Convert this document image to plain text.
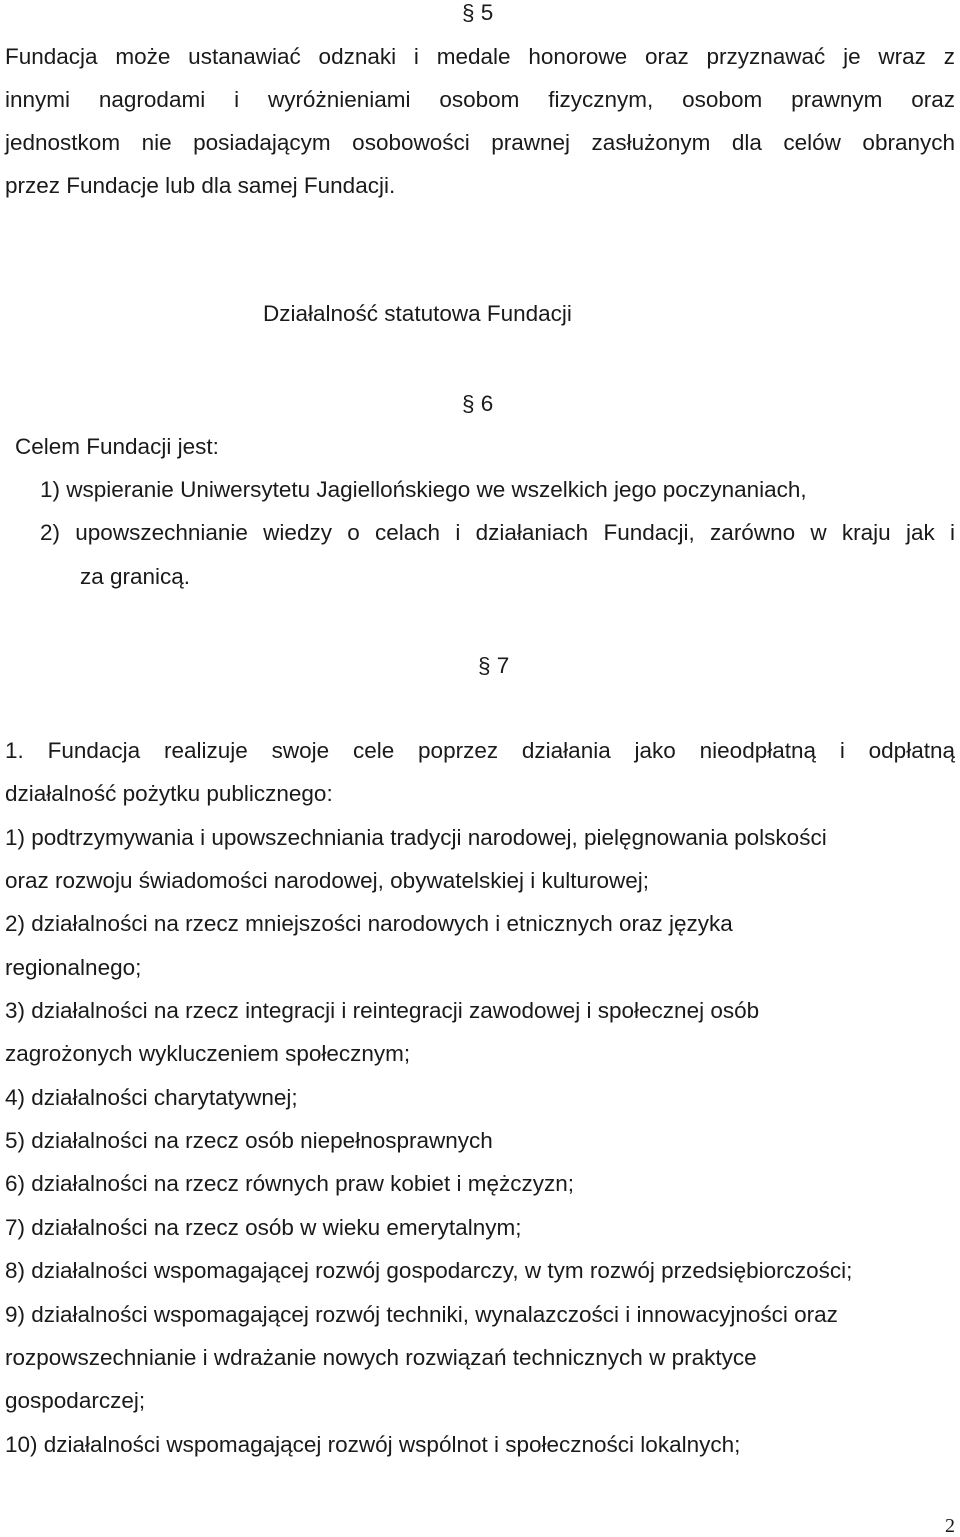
§ 5
Fundacja może ustanawiać odznaki i medale honorowe oraz przyznawać je wraz z
innymi nagrodami i wyróżnieniami osobom fizycznym, osobom prawnym oraz
jednostkom nie posiadającym osobowości prawnej zasłużonym dla celów obranych
przez Fundacje lub dla samej Fundacji.
Działalność statutowa Fundacji
§ 6
Celem Fundacji jest:
1) wspieranie Uniwersytetu Jagiellońskiego we wszelkich jego poczynaniach,
2) upowszechnianie wiedzy o celach i działaniach Fundacji, zarówno w kraju jak i
za granicą.
§ 7
1. Fundacja realizuje swoje cele poprzez działania jako nieodpłatną i odpłatną
działalność pożytku publicznego:
1) podtrzymywania i upowszechniania tradycji narodowej, pielęgnowania polskości
oraz rozwoju świadomości narodowej, obywatelskiej i kulturowej;
2) działalności na rzecz mniejszości narodowych i etnicznych oraz języka
regionalnego;
3) działalności na rzecz integracji i reintegracji zawodowej i społecznej osób
zagrożonych wykluczeniem społecznym;
4) działalności charytatywnej;
5) działalności na rzecz osób niepełnosprawnych
6) działalności na rzecz równych praw kobiet i mężczyzn;
7) działalności na rzecz osób w wieku emerytalnym;
8) działalności wspomagającej rozwój gospodarczy, w tym rozwój przedsiębiorczości;
9) działalności wspomagającej rozwój techniki, wynalazczości i innowacyjności oraz
rozpowszechnianie i wdrażanie nowych rozwiązań technicznych w praktyce
gospodarczej;
10) działalności wspomagającej rozwój wspólnot i społeczności lokalnych;
2
